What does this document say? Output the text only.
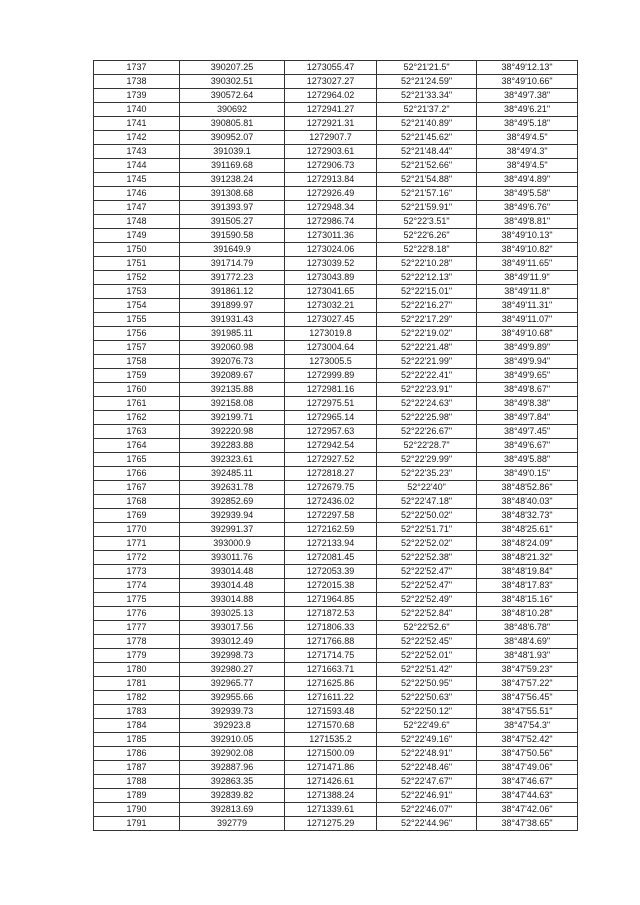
1737	390207.25	1273055.47	52°21'21.5"	38°49'12.13"
1738	390302.51	1273027.27	52°21'24.59"	38°49'10.66"
1739	390572.64	1272964.02	52°21'33.34"	38°49'7.38"
1740	390692	1272941.27	52°21'37.2"	38°49'6.21"
1741	390805.81	1272921.31	52°21'40.89"	38°49'5.18"
1742	390952.07	1272907.7	52°21'45.62"	38°49'4.5"
1743	391039.1	1272903.61	52°21'48.44"	38°49'4.3"
1744	391169.68	1272906.73	52°21'52.66"	38°49'4.5"
1745	391238.24	1272913.84	52°21'54.88"	38°49'4.89"
1746	391308.68	1272926.49	52°21'57.16"	38°49'5.58"
1747	391393.97	1272948.34	52°21'59.91"	38°49'6.76"
1748	391505.27	1272986.74	52°22'3.51"	38°49'8.81"
1749	391590.58	1273011.36	52°22'6.26"	38°49'10.13"
1750	391649.9	1273024.06	52°22'8.18"	38°49'10.82"
1751	391714.79	1273039.52	52°22'10.28"	38°49'11.65"
1752	391772.23	1273043.89	52°22'12.13"	38°49'11.9"
1753	391861.12	1273041.65	52°22'15.01"	38°49'11.8"
1754	391899.97	1273032.21	52°22'16.27"	38°49'11.31"
1755	391931.43	1273027.45	52°22'17.29"	38°49'11.07"
1756	391985.11	1273019.8	52°22'19.02"	38°49'10.68"
1757	392060.98	1273004.64	52°22'21.48"	38°49'9.89"
1758	392076.73	1273005.5	52°22'21.99"	38°49'9.94"
1759	392089.67	1272999.89	52°22'22.41"	38°49'9.65"
1760	392135.88	1272981.16	52°22'23.91"	38°49'8.67"
1761	392158.08	1272975.51	52°22'24.63"	38°49'8.38"
1762	392199.71	1272965.14	52°22'25.98"	38°49'7.84"
1763	392220.98	1272957.63	52°22'26.67"	38°49'7.45"
1764	392283.88	1272942.54	52°22'28.7"	38°49'6.67"
1765	392323.61	1272927.52	52°22'29.99"	38°49'5.88"
1766	392485.11	1272818.27	52°22'35.23"	38°49'0.15"
1767	392631.78	1272679.75	52°22'40"	38°48'52.86"
1768	392852.69	1272436.02	52°22'47.18"	38°48'40.03"
1769	392939.94	1272297.58	52°22'50.02"	38°48'32.73"
1770	392991.37	1272162.59	52°22'51.71"	38°48'25.61"
1771	393000.9	1272133.94	52°22'52.02"	38°48'24.09"
1772	393011.76	1272081.45	52°22'52.38"	38°48'21.32"
1773	393014.48	1272053.39	52°22'52.47"	38°48'19.84"
1774	393014.48	1272015.38	52°22'52.47"	38°48'17.83"
1775	393014.88	1271964.85	52°22'52.49"	38°48'15.16"
1776	393025.13	1271872.53	52°22'52.84"	38°48'10.28"
1777	393017.56	1271806.33	52°22'52.6"	38°48'6.78"
1778	393012.49	1271766.88	52°22'52.45"	38°48'4.69"
1779	392998.73	1271714.75	52°22'52.01"	38°48'1.93"
1780	392980.27	1271663.71	52°22'51.42"	38°47'59.23"
1781	392965.77	1271625.86	52°22'50.95"	38°47'57.22"
1782	392955.66	1271611.22	52°22'50.63"	38°47'56.45"
1783	392939.73	1271593.48	52°22'50.12"	38°47'55.51"
1784	392923.8	1271570.68	52°22'49.6"	38°47'54.3"
1785	392910.05	1271535.2	52°22'49.16"	38°47'52.42"
1786	392902.08	1271500.09	52°22'48.91"	38°47'50.56"
1787	392887.96	1271471.86	52°22'48.46"	38°47'49.06"
1788	392863.35	1271426.61	52°22'47.67"	38°47'46.67"
1789	392839.82	1271388.24	52°22'46.91"	38°47'44.63"
1790	392813.69	1271339.61	52°22'46.07"	38°47'42.06"
1791	392779	1271275.29	52°22'44.96"	38°47'38.65"
